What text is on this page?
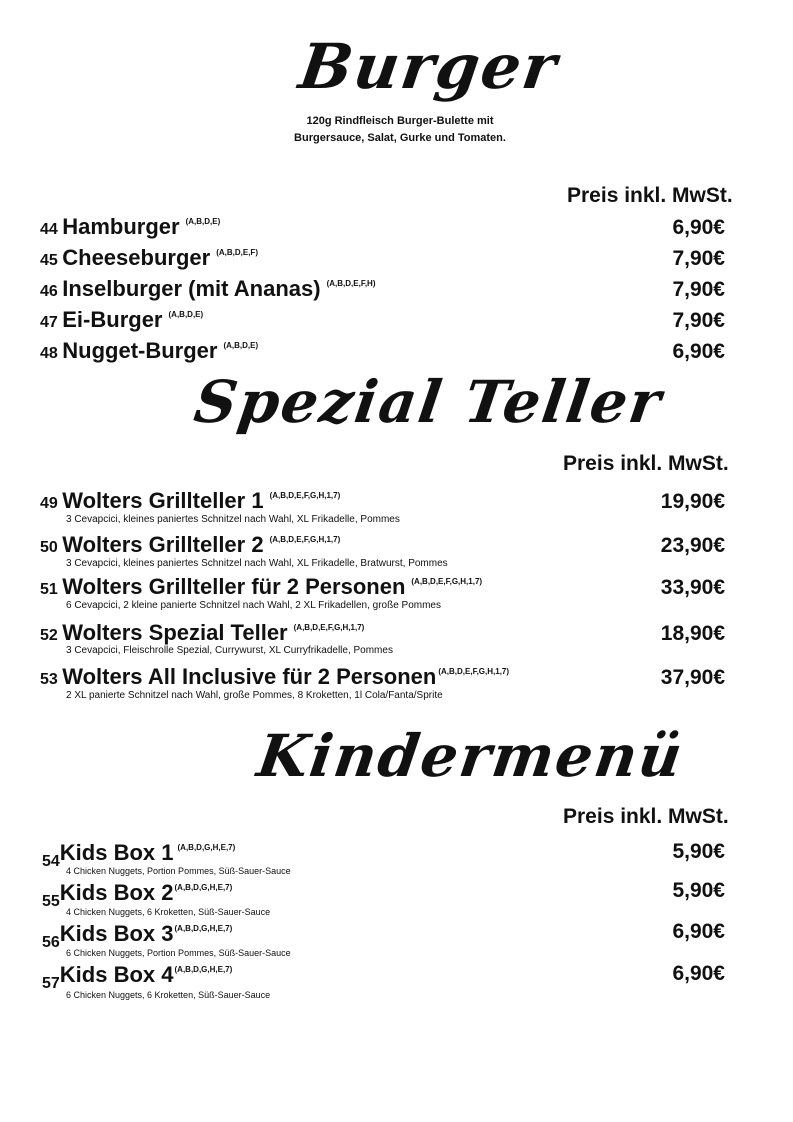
Burger
120g Rindfleisch Burger-Bulette mit
Burgersauce, Salat, Gurke und Tomaten.
Preis inkl. MwSt.
44 Hamburger $^{(A,B,D,E)}$	6,90€
45 Cheeseburger $^{(A,B,D,E,F)}$	7,90€
46 Inselburger (mit Ananas) $^{(A,B,D,E,F,H)}$	7,90€
47 Ei-Burger $^{(A,B,D,E)}$	7,90€
48 Nugget-Burger $^{(A,B,D,E)}$	6,90€
Spezial Teller
Preis inkl. MwSt.
49 Wolters Grillteller 1 $^{(A,B,D,E,F,G,H,1,7)}$
3 Cevapcici, kleines paniertes Schnitzel nach Wahl, XL Frikadelle, Pommes
19,90€
50 Wolters Grillteller 2 $^{(A,B,D,E,F,G,H,1,7)}$
3 Cevapcici, kleines paniertes Schnitzel nach Wahl, XL Frikadelle, Bratwurst, Pommes
23,90€
51 Wolters Grillteller für 2 Personen $^{(A,B,D,E,F,G,H,1,7)}$
6 Cevapcici, 2 kleine panierte Schnitzel nach Wahl, 2 XL Frikadellen, große Pommes
33,90€
52 Wolters Spezial Teller $^{(A,B,D,E,F,G,H,1,7)}$
3 Cevapcici, Fleischrolle Spezial, Currywurst, XL Curryfrikadelle, Pommes
18,90€
53 Wolters All Inclusive für 2 Personen $^{(A,B,D,E,F,G,H,1,7)}$
2 XL panierte Schnitzel nach Wahl, große Pommes, 8 Kroketten, 1l Cola/Fanta/Sprite
37,90€
Kindermenü
Preis inkl. MwSt.
54Kids Box 1 $^{(A,B,D,G,H,E,7)}$
4 Chicken Nuggets, Portion Pommes, Süß-Sauer-Sauce
5,90€
55Kids Box $2^{(A,B,D,G,H,E,7)}$
4 Chicken Nuggets, 6 Kroketten, Süß-Sauer-Sauce
5,90€
56Kids Box $3^{(A,B,D,G,H,E,7)}$
6 Chicken Nuggets, Portion Pommes, Süß-Sauer-Sauce
6,90€
57Kids Box $4^{(A,B,D,G,H,E,7)}$
6 Chicken Nuggets, 6 Kroketten, Süß-Sauer-Sauce
6,90€
